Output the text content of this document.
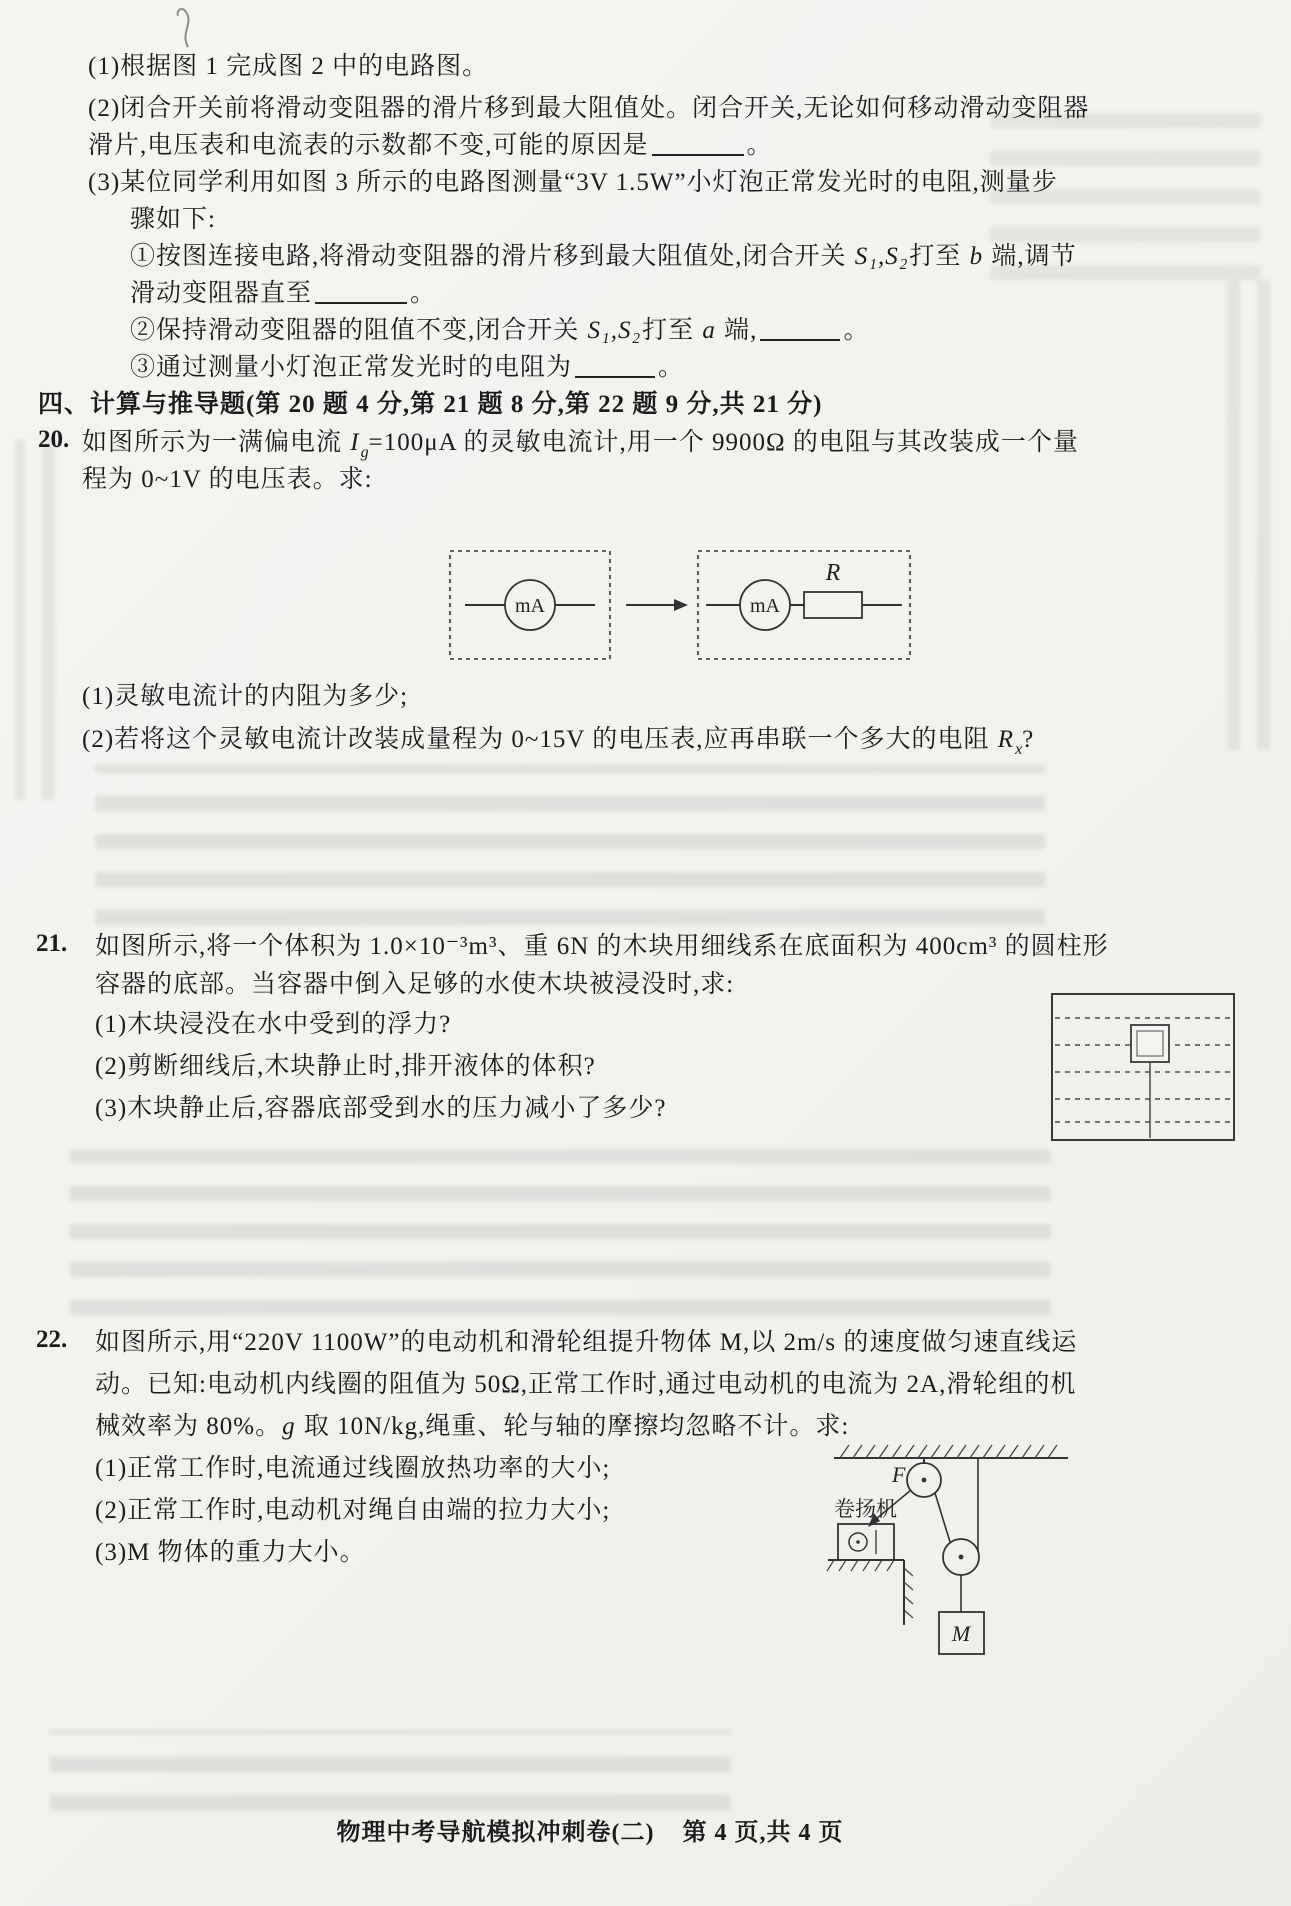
(1)根据图 1 完成图 2 中的电路图。
(2)闭合开关前将滑动变阻器的滑片移到最大阻值处。闭合开关,无论如何移动滑动变阻器
滑片,电压表和电流表的示数都不变,可能的原因是	。
(3)某位同学利用如图 3 所示的电路图测量“3V 1.5W”小灯泡正常发光时的电阻,测量步
骤如下:
①按图连接电路,将滑动变阻器的滑片移到最大阻值处,闭合开关 S₁,S₂打至 b 端,调节
滑动变阻器直至	。
②保持滑动变阻器的阻值不变,闭合开关 S₁,S₂打至 a 端,	。
③通过测量小灯泡正常发光时的电阻为	。
四、计算与推导题(第 20 题 4 分,第 21 题 8 分,第 22 题 9 分,共 21 分)
20. 如图所示为一满偏电流 $I_g=100\mu A$ 的灵敏电流计,用一个 9900Ω 的电阻与其改装成一个量
程为 0~1V 的电压表。求:
mA	mA
R
(1)灵敏电流计的内阻为多少;
(2)若将这个灵敏电流计改装成量程为 0~15V 的电压表,应再串联一个多大的电阻 $R_x$?
21. 如图所示,将一个体积为 1.0×10⁻³m³、重 6N 的木块用细线系在底面积为 400cm³ 的圆柱形
容器的底部。当容器中倒入足够的水使木块被浸没时,求:
(1)木块浸没在水中受到的浮力?
(2)剪断细线后,木块静止时,排开液体的体积?
(3)木块静止后,容器底部受到水的压力减小了多少?
22. 如图所示,用“220V 1100W”的电动机和滑轮组提升物体 M,以 2m/s 的速度做匀速直线运
动。已知:电动机内线圈的阻值为 50Ω,正常工作时,通过电动机的电流为 2A,滑轮组的机
械效率为 80%。g 取 10N/kg,绳重、轮与轴的摩擦均忽略不计。求:
(1)正常工作时,电流通过线圈放热功率的大小;
(2)正常工作时,电动机对绳自由端的拉力大小;
(3)M 物体的重力大小。
F
卷扬机
M
物理中考导航模拟冲刺卷(二) 第 4 页,共 4 页
